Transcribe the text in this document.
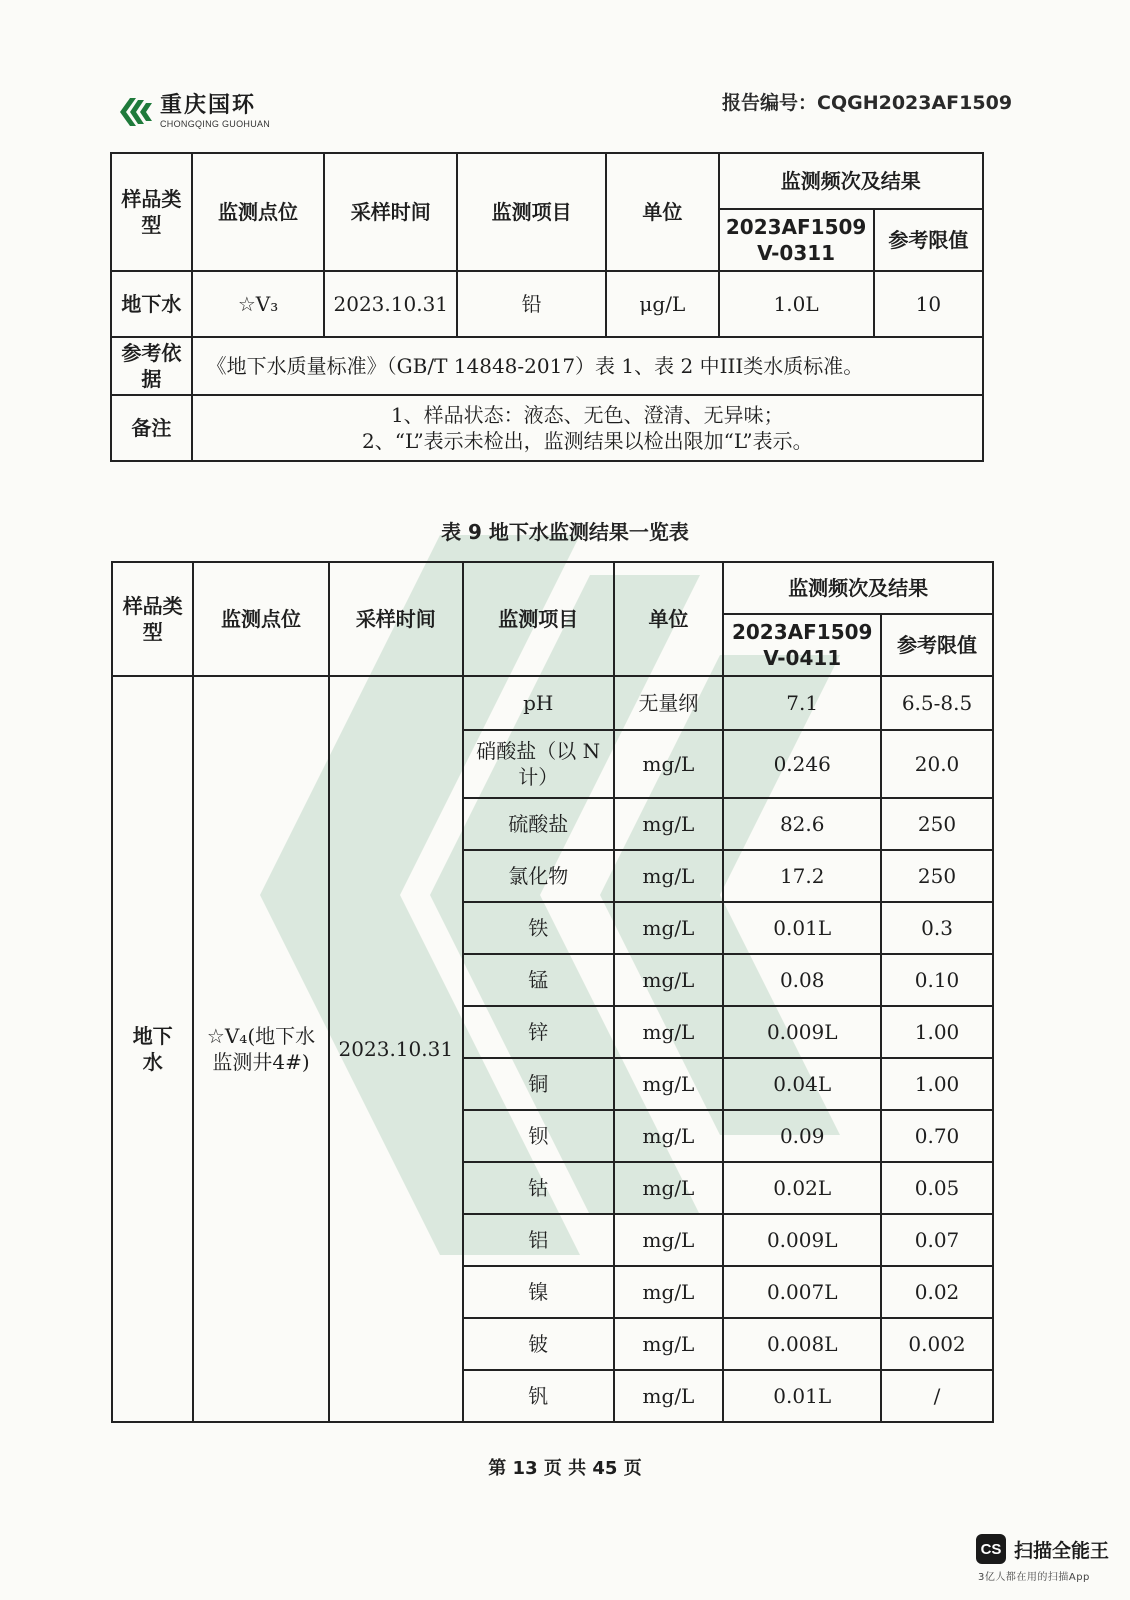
重庆国环
CHONGQING GUOHUAN
报告编号：CQGH2023AF1509
样品类型	监测点位	采样时间	监测项目	单位	监测频次及结果	
					2023AF1509 V-0311	参考限值
地下水	☆V₃	2023.10.31	铅	μg/L	1.0L	10
参考依据	《地下水质量标准》（GB/T 14848-2017）表 1、表 2 中III类水质标准。					
备注	1、样品状态：液态、无色、澄清、无异味；
2、“L”表示未检出，监测结果以检出限加“L”表示。					
表 9 地下水监测结果一览表
样品类型	监测点位	采样时间	监测项目	单位	监测频次及结果	
					2023AF1509 V-0411	参考限值
地下水	☆V₄(地下水监测井4#)	2023.10.31	pH	无量纲	7.1	6.5-8.5
			硝酸盐（以 N 计）	mg/L	0.246	20.0
			硫酸盐	mg/L	82.6	250
			氯化物	mg/L	17.2	250
			铁	mg/L	0.01L	0.3
			锰	mg/L	0.08	0.10
			锌	mg/L	0.009L	1.00
			铜	mg/L	0.04L	1.00
			钡	mg/L	0.09	0.70
			钴	mg/L	0.02L	0.05
			铝	mg/L	0.009L	0.07
			镍	mg/L	0.007L	0.02
			铍	mg/L	0.008L	0.002
			钒	mg/L	0.01L	/
第 13 页 共 45 页
CS 扫描全能王
3亿人都在用的扫描App
